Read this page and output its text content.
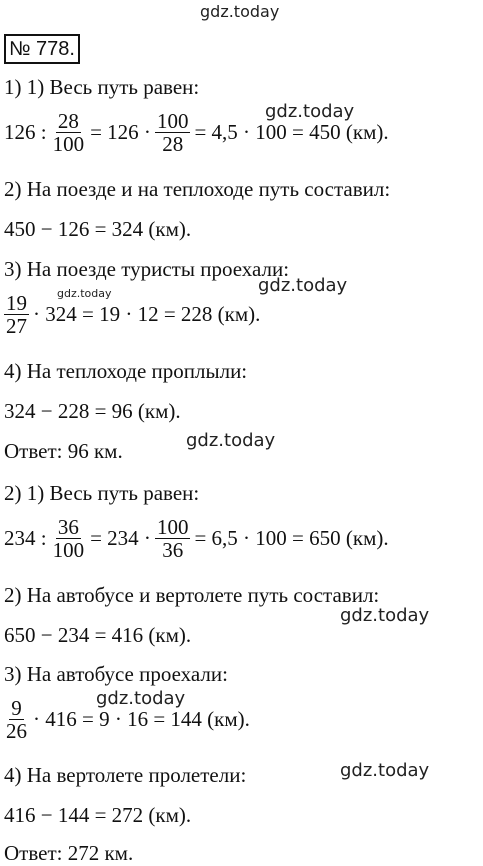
gdz.today
№ 778.
1) 1) Весь путь равен:
gdz.today
126 : $\frac{28}{100} = 126 \cdot \frac{100}{28} = 4,5 \cdot 100 = 450$ (км).
2) На поезде и на теплоходе путь составил:
450 − 126 = 324 (км).
3) На поезде туристы проехали:
gdz.today
gdz.today
$\frac{19}{27} \cdot 324 = 19 \cdot 12 = 228$ (км).
4) На теплоходе проплыли:
324 − 228 = 96 (км).
Ответ: 96 км.	gdz.today
2) 1) Весь путь равен:
234 : $\frac{36}{100} = 234 \cdot \frac{100}{36} = 6,5 \cdot 100 = 650$ (км).
2) На автобусе и вертолете путь составил:
gdz.today
650 − 234 = 416 (км).
3) На автобусе проехали:
gdz.today
$\frac{9}{26} \cdot 416 = 9 \cdot 16 = 144$ (км).
4) На вертолете пролетели:	gdz.today
416 − 144 = 272 (км).
Ответ: 272 км.
